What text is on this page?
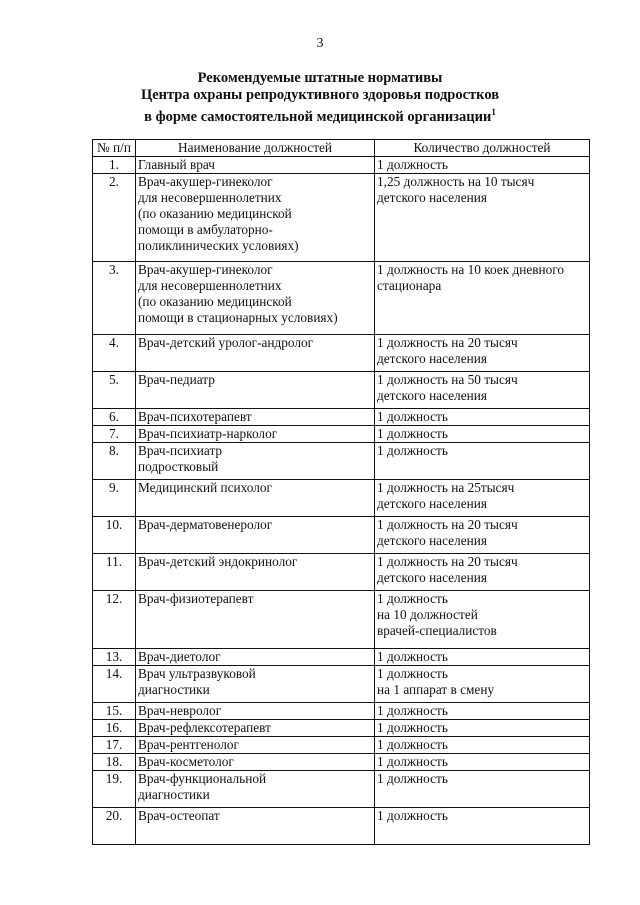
3
Рекомендуемые штатные нормативы
Центра охраны репродуктивного здоровья подростков
в форме самостоятельной медицинской организации$^1$
№ п/п	Наименование должностей	Количество должностей
1.	Главный врач	1 должность
2.	Врач-акушер-гинеколог
для несовершеннолетних
(по оказанию медицинской
помощи в амбулаторно-
поликлинических условиях)	1,25 должность на 10 тысяч
детского населения
3.	Врач-акушер-гинеколог
для несовершеннолетних
(по оказанию медицинской
помощи в стационарных условиях)	1 должность на 10 коек дневного
стационара
4.	Врач-детский уролог-андролог	1 должность на 20 тысяч
детского населения
5.	Врач-педиатр	1 должность на 50 тысяч
детского населения
6.	Врач-психотерапевт	1 должность
7.	Врач-психиатр-нарколог	1 должность
8.	Врач-психиатр
подростковый	1 должность
9.	Медицинский психолог	1 должность на 25тысяч
детского населения
10.	Врач-дерматовенеролог	1 должность на 20 тысяч
детского населения
11.	Врач-детский эндокринолог	1 должность на 20 тысяч
детского населения
12.	Врач-физиотерапевт	1 должность
на 10 должностей
врачей-специалистов
13.	Врач-диетолог	1 должность
14.	Врач ультразвуковой
диагностики	1 должность
на 1 аппарат в смену
15.	Врач-невролог	1 должность
16.	Врач-рефлексотерапевт	1 должность
17.	Врач-рентгенолог	1 должность
18.	Врач-косметолог	1 должность
19.	Врач-функциональной
диагностики	1 должность
20.	Врач-остеопат	1 должность
